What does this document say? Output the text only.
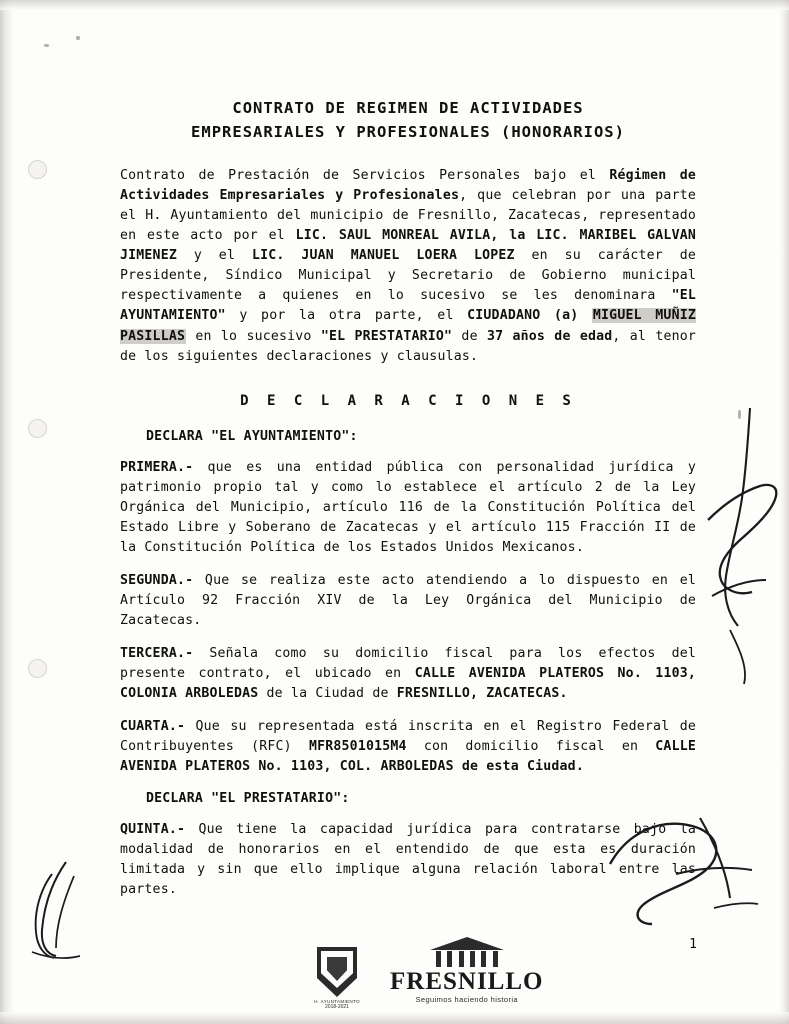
CONTRATO DE REGIMEN DE ACTIVIDADES
EMPRESARIALES Y PROFESIONALES (HONORARIOS)

Contrato de Prestación de Servicios Personales bajo el Régimen de Actividades Empresariales y Profesionales, que celebran por una parte el H. Ayuntamiento del municipio de Fresnillo, Zacatecas, representado en este acto por el LIC. SAUL MONREAL AVILA, la LIC. MARIBEL GALVAN JIMENEZ y el LIC. JUAN MANUEL LOERA LOPEZ en su carácter de Presidente, Síndico Municipal y Secretario de Gobierno municipal respectivamente a quienes en lo sucesivo se les denominara "EL AYUNTAMIENTO" y por la otra parte, el CIUDADANO (a) MIGUEL MUÑIZ PASILLAS en lo sucesivo "EL PRESTATARIO" de 37 años de edad, al tenor de los siguientes declaraciones y clausulas.

D E C L A R A C I O N E S
DECLARA "EL AYUNTAMIENTO":

PRIMERA.- que es una entidad pública con personalidad jurídica y patrimonio propio tal y como lo establece el artículo 2 de la Ley Orgánica del Municipio, artículo 116 de la Constitución Política del Estado Libre y Soberano de Zacatecas y el artículo 115 Fracción II de la Constitución Política de los Estados Unidos Mexicanos.

SEGUNDA.- Que se realiza este acto atendiendo a lo dispuesto en el Artículo 92 Fracción XIV de la Ley Orgánica del Municipio de Zacatecas.

TERCERA.- Señala como su domicilio fiscal para los efectos del presente contrato, el ubicado en CALLE AVENIDA PLATEROS No. 1103, COLONIA ARBOLEDAS de la Ciudad de FRESNILLO, ZACATECAS.

CUARTA.- Que su representada está inscrita en el Registro Federal de Contribuyentes (RFC) MFR8501015M4 con domicilio fiscal en CALLE AVENIDA PLATEROS No. 1103, COL. ARBOLEDAS de esta Ciudad.

DECLARA "EL PRESTATARIO":

QUINTA.- Que tiene la capacidad jurídica para contratarse bajo la modalidad de honorarios en el entendido de que esta es duración limitada y sin que ello implique alguna relación laboral entre las partes.

1
H. AYUNTAMIENTO
2018-2021
FRESNILLO
Seguimos haciendo historia
